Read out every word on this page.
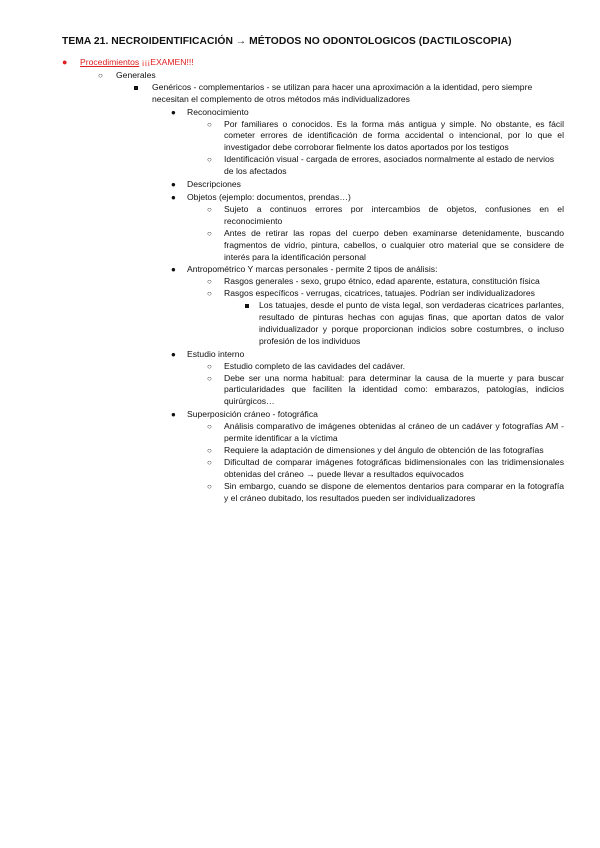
TEMA 21. NECROIDENTIFICACIÓN → MÉTODOS NO ODONTOLOGICOS (DACTILOSCOPIA)
● Procedimientos ¡¡¡EXAMEN!!!
○ Generales
Genéricos - complementarios - se utilizan para hacer una aproximación a la identidad, pero siempre necesitan el complemento de otros métodos más individualizadores
● Reconocimiento
○ Por familiares o conocidos. Es la forma más antigua y simple. No obstante, es fácil cometer errores de identificación de forma accidental o intencional, por lo que el investigador debe corroborar fielmente los datos aportados por los testigos
○ Identificación visual - cargada de errores, asociados normalmente al estado de nervios de los afectados
● Descripciones
● Objetos (ejemplo: documentos, prendas…)
○ Sujeto a continuos errores por intercambios de objetos, confusiones en el reconocimiento
○ Antes de retirar las ropas del cuerpo deben examinarse detenidamente, buscando fragmentos de vidrio, pintura, cabellos, o cualquier otro material que se considere de interés para la identificación personal
● Antropométrico Y marcas personales - permite 2 tipos de análisis:
○ Rasgos generales - sexo, grupo étnico, edad aparente, estatura, constitución física
○ Rasgos específicos - verrugas, cicatrices, tatuajes. Podrían ser individualizadores
Los tatuajes, desde el punto de vista legal, son verdaderas cicatrices parlantes, resultado de pinturas hechas con agujas finas, que aportan datos de valor individualizador y porque proporcionan indicios sobre costumbres, o incluso profesión de los individuos
● Estudio interno
○ Estudio completo de las cavidades del cadáver.
○ Debe ser una norma habitual: para determinar la causa de la muerte y para buscar particularidades que faciliten la identidad como: embarazos, patologías, indicios quirúrgicos…
● Superposición cráneo - fotográfica
○ Análisis comparativo de imágenes obtenidas al cráneo de un cadáver y fotografías AM - permite identificar a la víctima
○ Requiere la adaptación de dimensiones y del ángulo de obtención de las fotografías
○ Dificultad de comparar imágenes fotográficas bidimensionales con las tridimensionales obtenidas del cráneo → puede llevar a resultados equivocados
○ Sin embargo, cuando se dispone de elementos dentarios para comparar en la fotografía y el cráneo dubitado, los resultados pueden ser individualizadores
